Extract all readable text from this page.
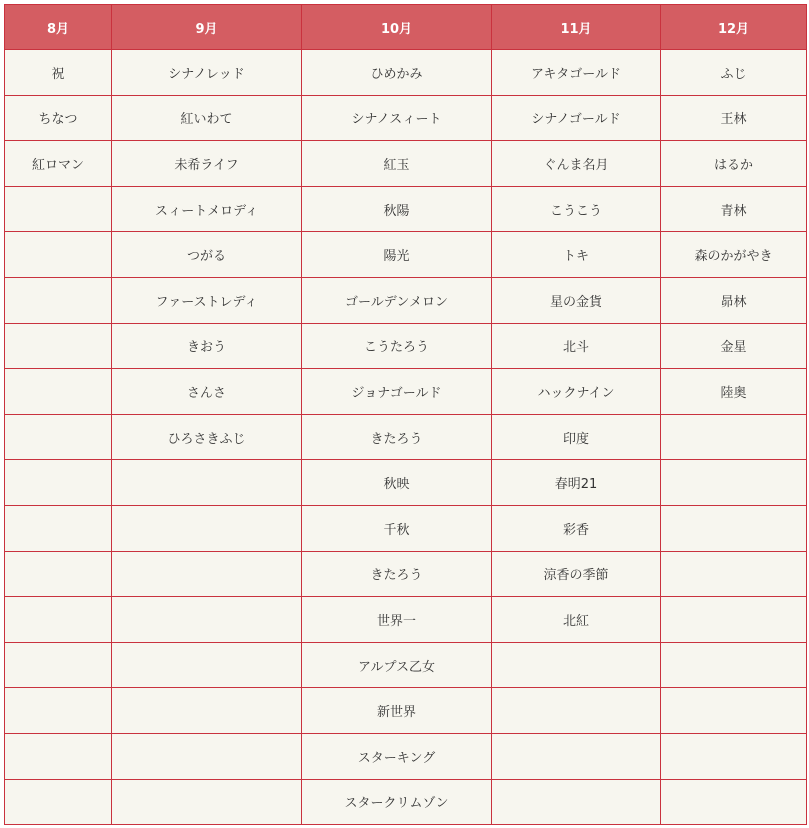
8月	9月	10月	11月	12月
祝	シナノレッド	ひめかみ	アキタゴールド	ふじ
ちなつ	紅いわて	シナノスィート	シナノゴールド	王林
紅ロマン	未希ライフ	紅玉	ぐんま名月	はるか
	スィートメロディ	秋陽	こうこう	青林
	つがる	陽光	トキ	森のかがやき
	ファーストレディ	ゴールデンメロン	星の金貨	昴林
	きおう	こうたろう	北斗	金星
	さんさ	ジョナゴールド	ハックナイン	陸奥
	ひろさきふじ	きたろう	印度	
		秋映	春明21	
		千秋	彩香	
		きたろう	涼香の季節	
		世界一	北紅	
		アルプス乙女		
		新世界		
		スターキング		
		スタークリムゾン		
